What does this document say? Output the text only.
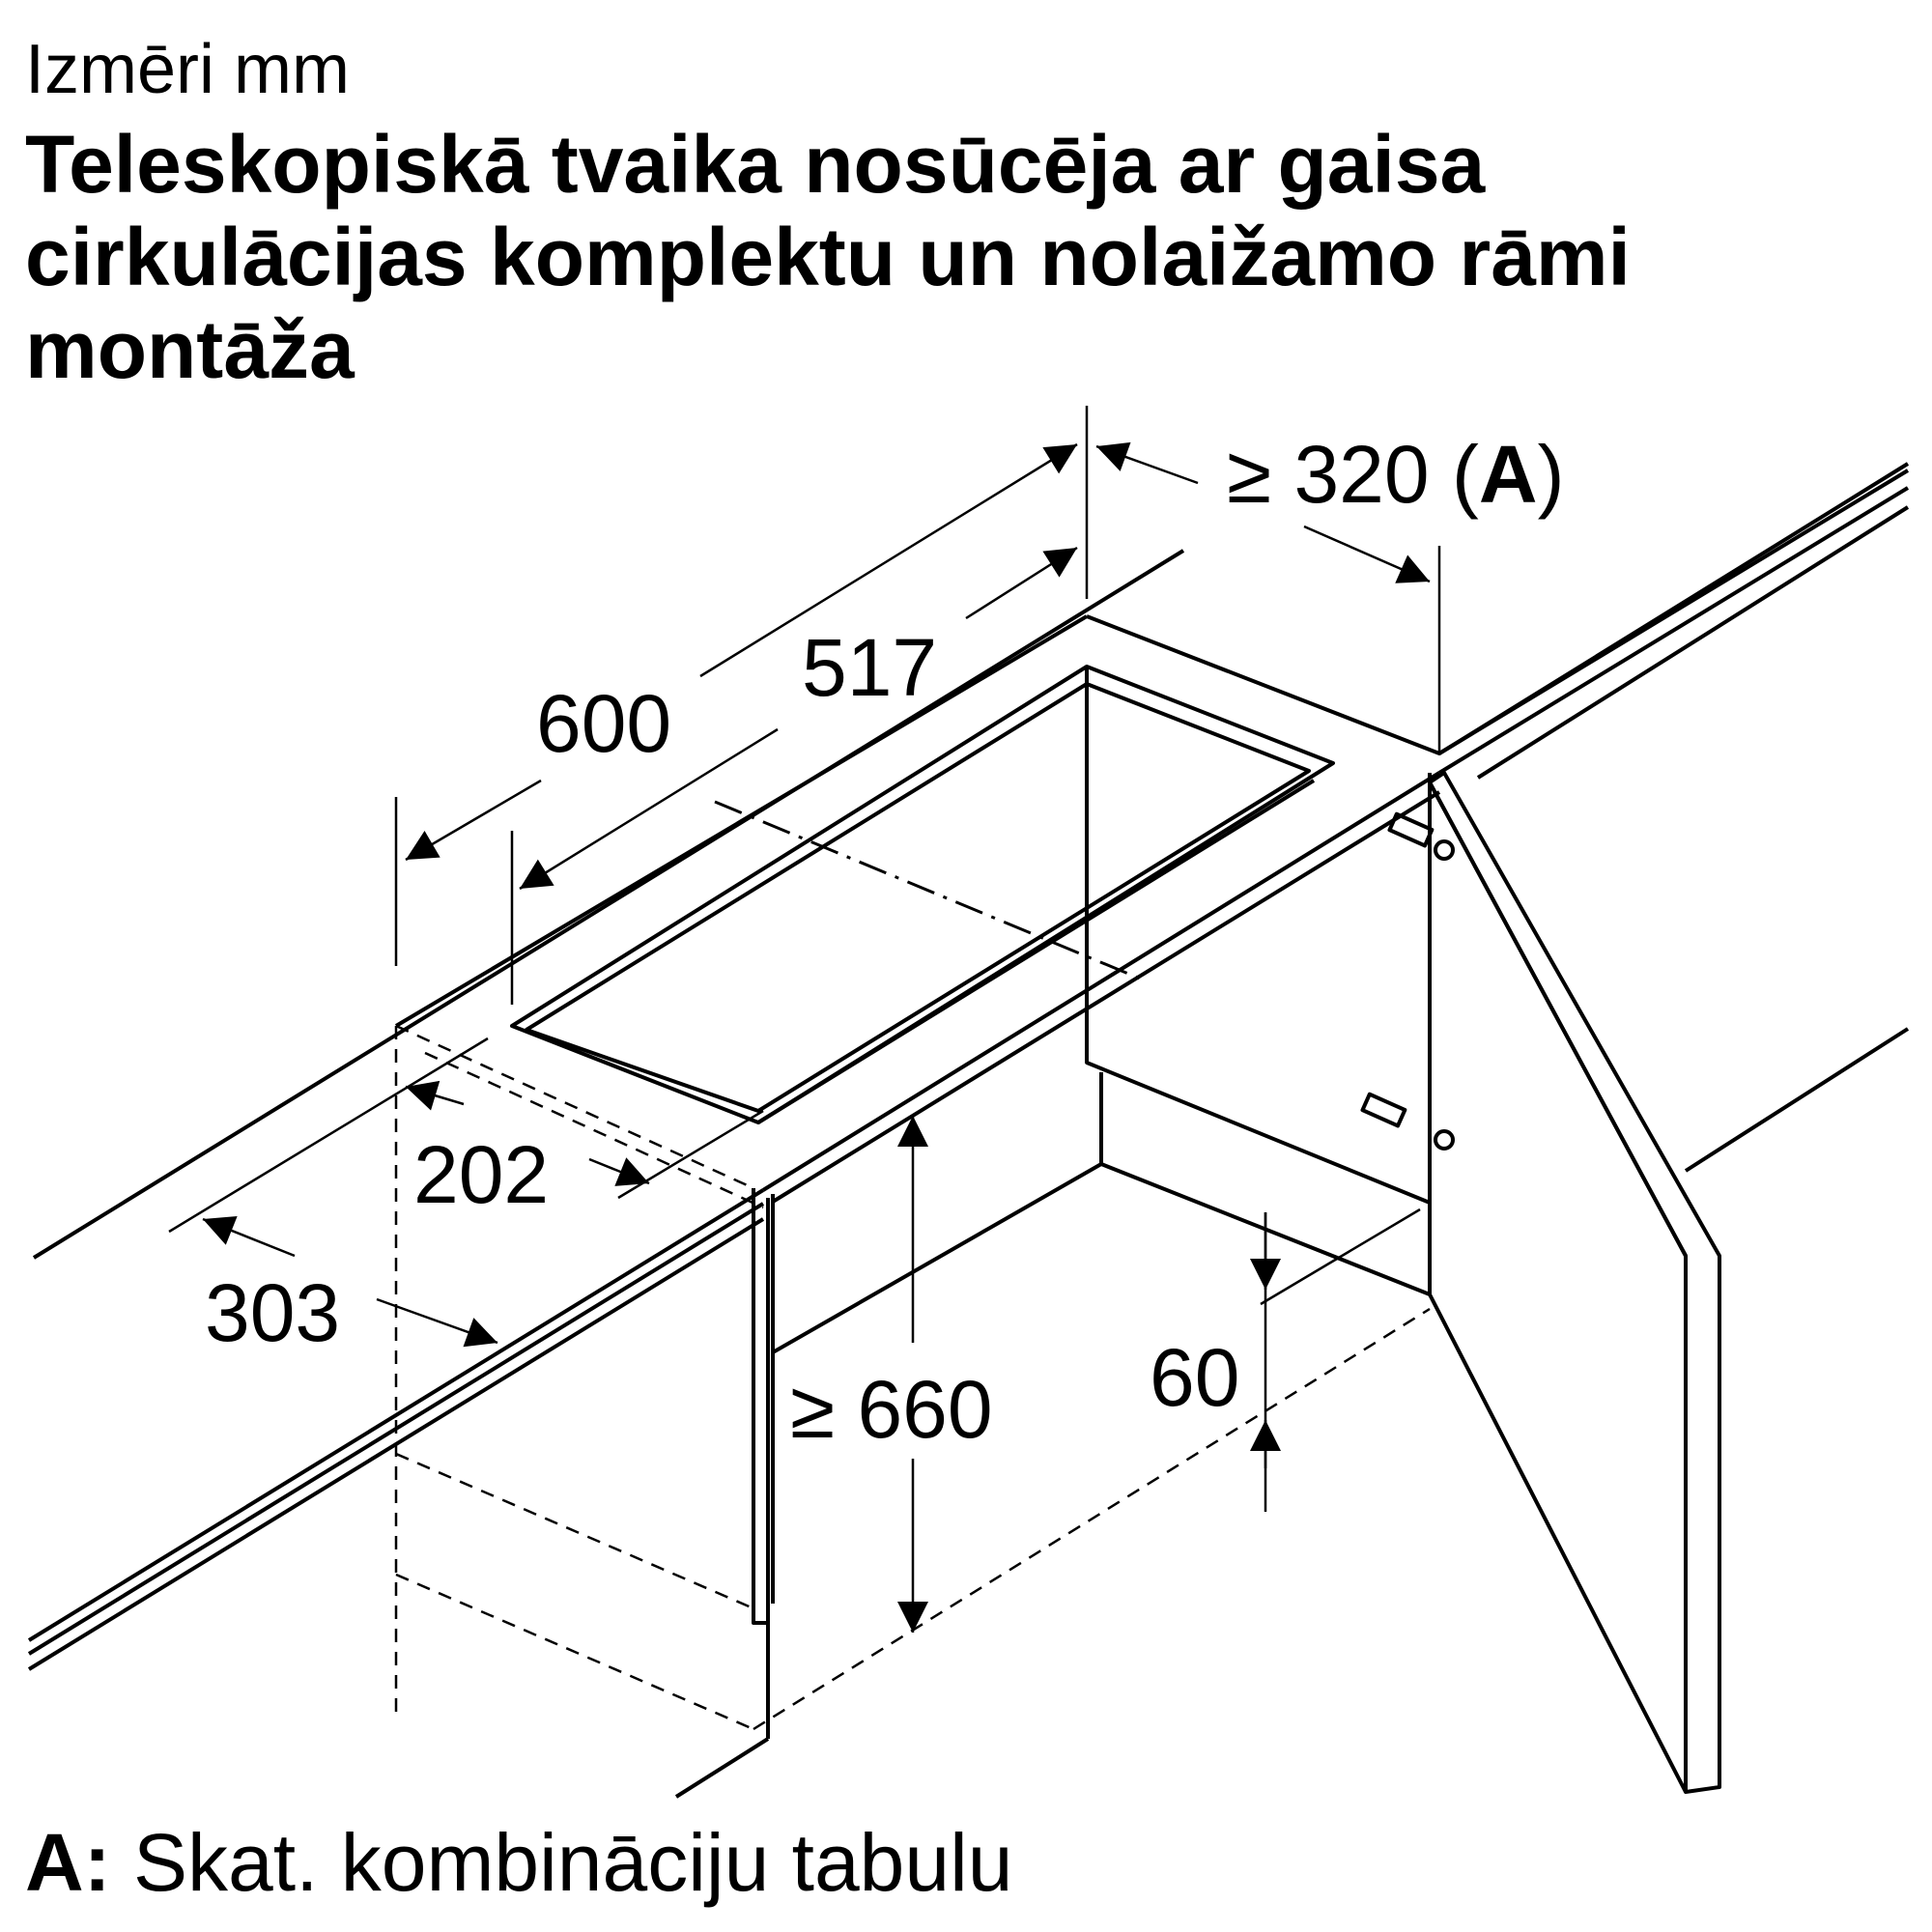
Izmēri mm
Teleskopiskā tvaika nosūcēja ar gaisa cirkulācijas komplektu un nolaižamo rāmi montāža
600
517
≥ 320 (A)
202
303
≥ 660 60
A: Skat. kombināciju tabulu
